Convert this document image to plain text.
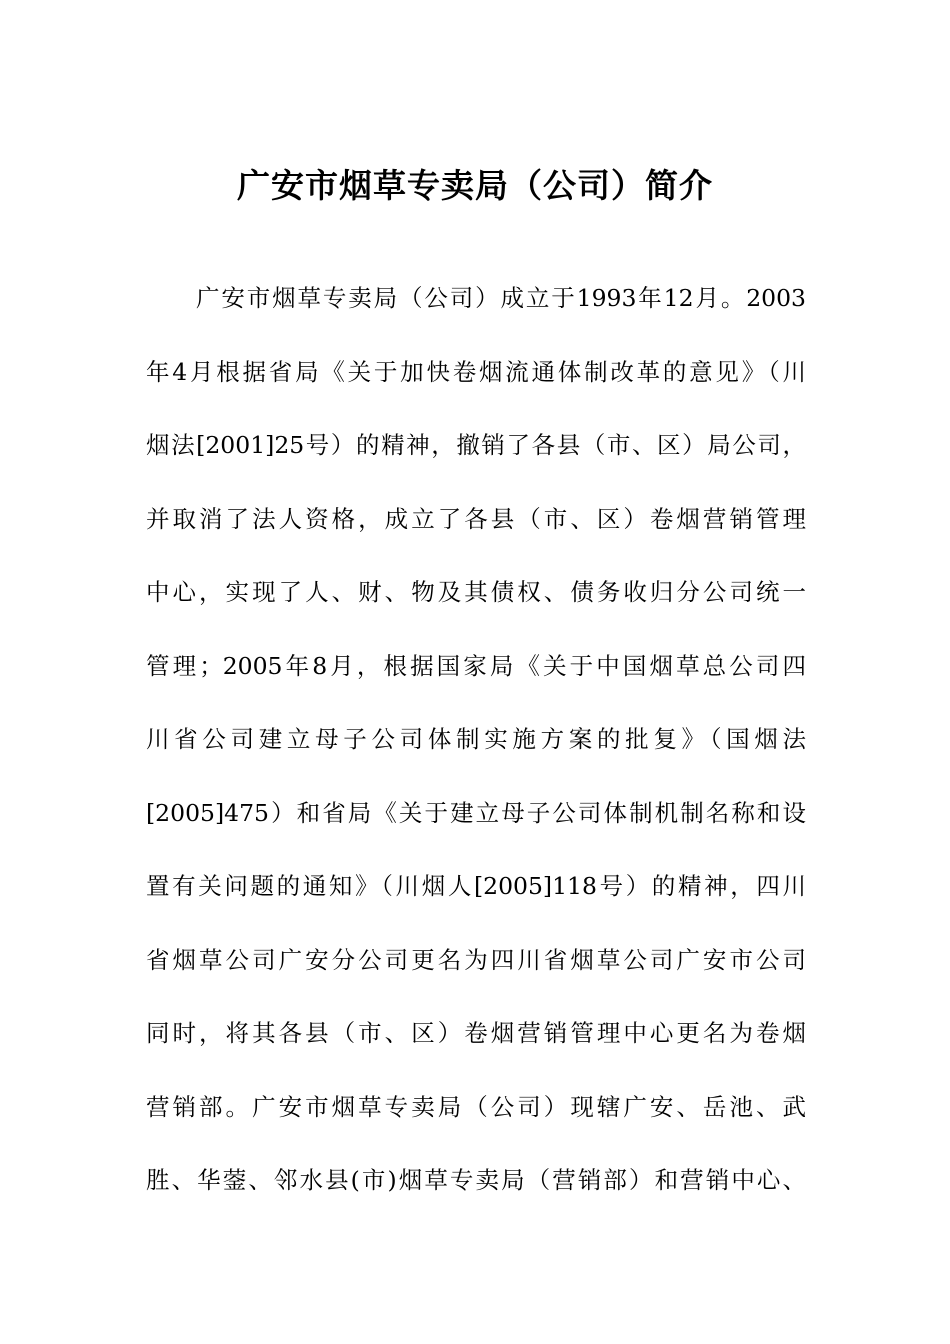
广安市烟草专卖局（公司）简介
广安市烟草专卖局（公司）成立于1993年12月。2003
年4月根据省局《关于加快卷烟流通体制改革的意见》（川
烟法[2001]25号）的精神，撤销了各县（市、区）局公司，
并取消了法人资格，成立了各县（市、区）卷烟营销管理
中心，实现了人、财、物及其债权、债务收归分公司统一
管理；2005年8月，根据国家局《关于中国烟草总公司四
川省公司建立母子公司体制实施方案的批复》（国烟法
[2005]475）和省局《关于建立母子公司体制机制名称和设
置有关问题的通知》（川烟人[2005]118号）的精神，四川
省烟草公司广安分公司更名为四川省烟草公司广安市公司
同时，将其各县（市、区）卷烟营销管理中心更名为卷烟
营销部。广安市烟草专卖局（公司）现辖广安、岳池、武
胜、华蓥、邻水县(市)烟草专卖局（营销部）和营销中心、
